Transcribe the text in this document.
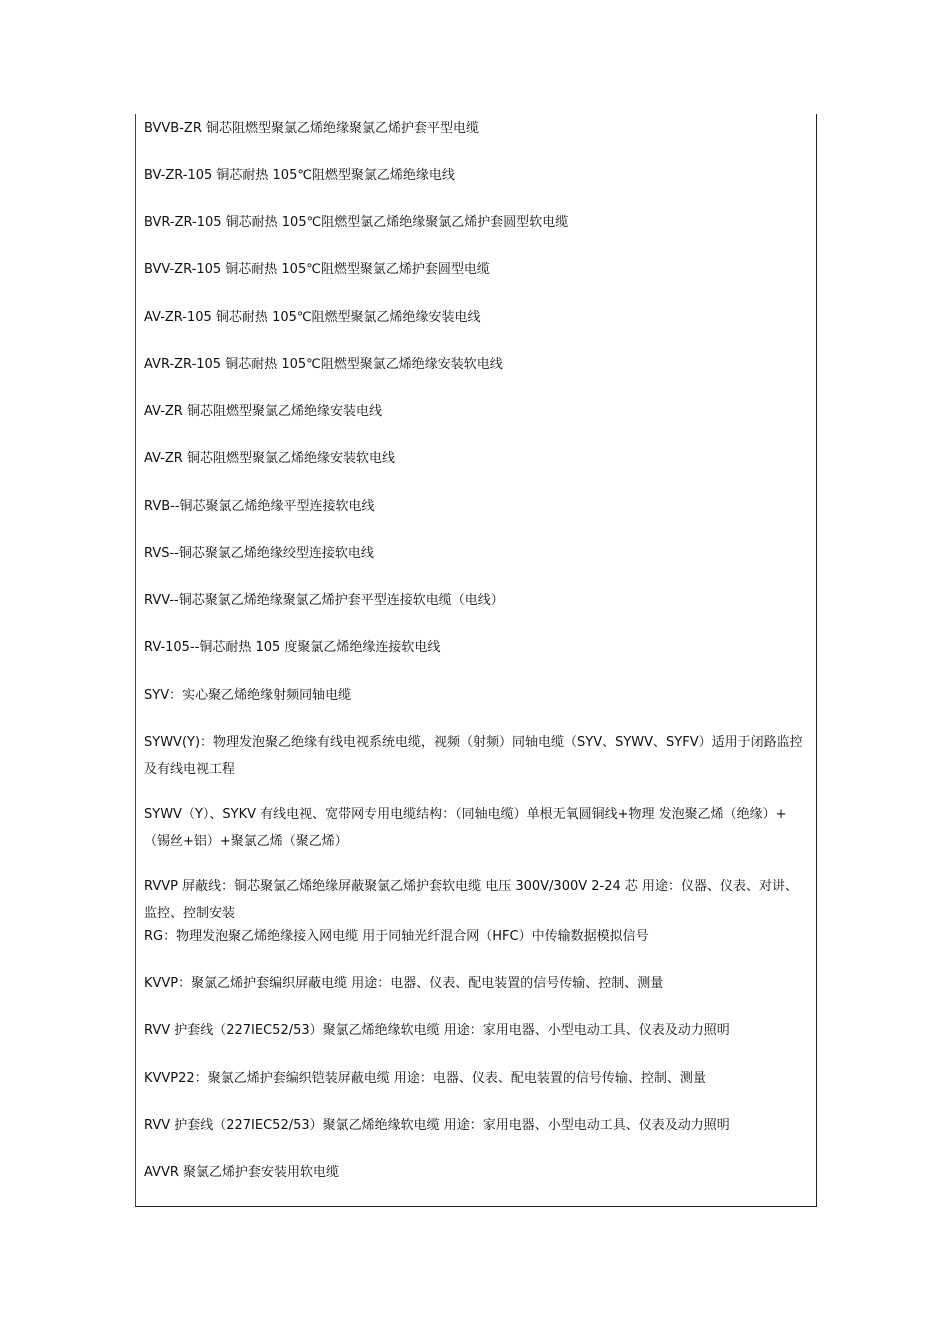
BVVB-ZR 铜芯阻燃型聚氯乙烯绝缘聚氯乙烯护套平型电缆
BV-ZR-105 铜芯耐热 105℃阻燃型聚氯乙烯绝缘电线
BVR-ZR-105 铜芯耐热 105℃阻燃型氯乙烯绝缘聚氯乙烯护套圆型软电缆
BVV-ZR-105 铜芯耐热 105℃阻燃型聚氯乙烯护套圆型电缆
AV-ZR-105 铜芯耐热 105℃阻燃型聚氯乙烯绝缘安装电线
AVR-ZR-105 铜芯耐热 105℃阻燃型聚氯乙烯绝缘安装软电线
AV-ZR 铜芯阻燃型聚氯乙烯绝缘安装电线
AV-ZR 铜芯阻燃型聚氯乙烯绝缘安装软电线
RVB--铜芯聚氯乙烯绝缘平型连接软电线
RVS--铜芯聚氯乙烯绝缘绞型连接软电线
RVV--铜芯聚氯乙烯绝缘聚氯乙烯护套平型连接软电缆（电线）
RV-105--铜芯耐热 105 度聚氯乙烯绝缘连接软电线
SYV：实心聚乙烯绝缘射频同轴电缆
SYWV(Y)：物理发泡聚乙绝缘有线电视系统电缆，视频（射频）同轴电缆（SYV、SYWV、SYFV）适用于闭路监控及有线电视工程
SYWV（Y）、SYKV 有线电视、宽带网专用电缆结构：（同轴电缆）单根无氧圆铜线+物理 发泡聚乙烯（绝缘）+（锡丝+铝）+聚氯乙烯（聚乙烯）
RVVP 屏蔽线：铜芯聚氯乙烯绝缘屏蔽聚氯乙烯护套软电缆 电压 300V/300V 2-24 芯 用途：仪器、仪表、对讲、监控、控制安装
RG：物理发泡聚乙烯绝缘接入网电缆 用于同轴光纤混合网（HFC）中传输数据模拟信号
KVVP：聚氯乙烯护套编织屏蔽电缆 用途：电器、仪表、配电装置的信号传输、控制、测量
RVV 护套线（227IEC52/53）聚氯乙烯绝缘软电缆 用途：家用电器、小型电动工具、仪表及动力照明
KVVP22：聚氯乙烯护套编织铠装屏蔽电缆 用途：电器、仪表、配电装置的信号传输、控制、测量
RVV 护套线（227IEC52/53）聚氯乙烯绝缘软电缆 用途：家用电器、小型电动工具、仪表及动力照明
AVVR 聚氯乙烯护套安装用软电缆
